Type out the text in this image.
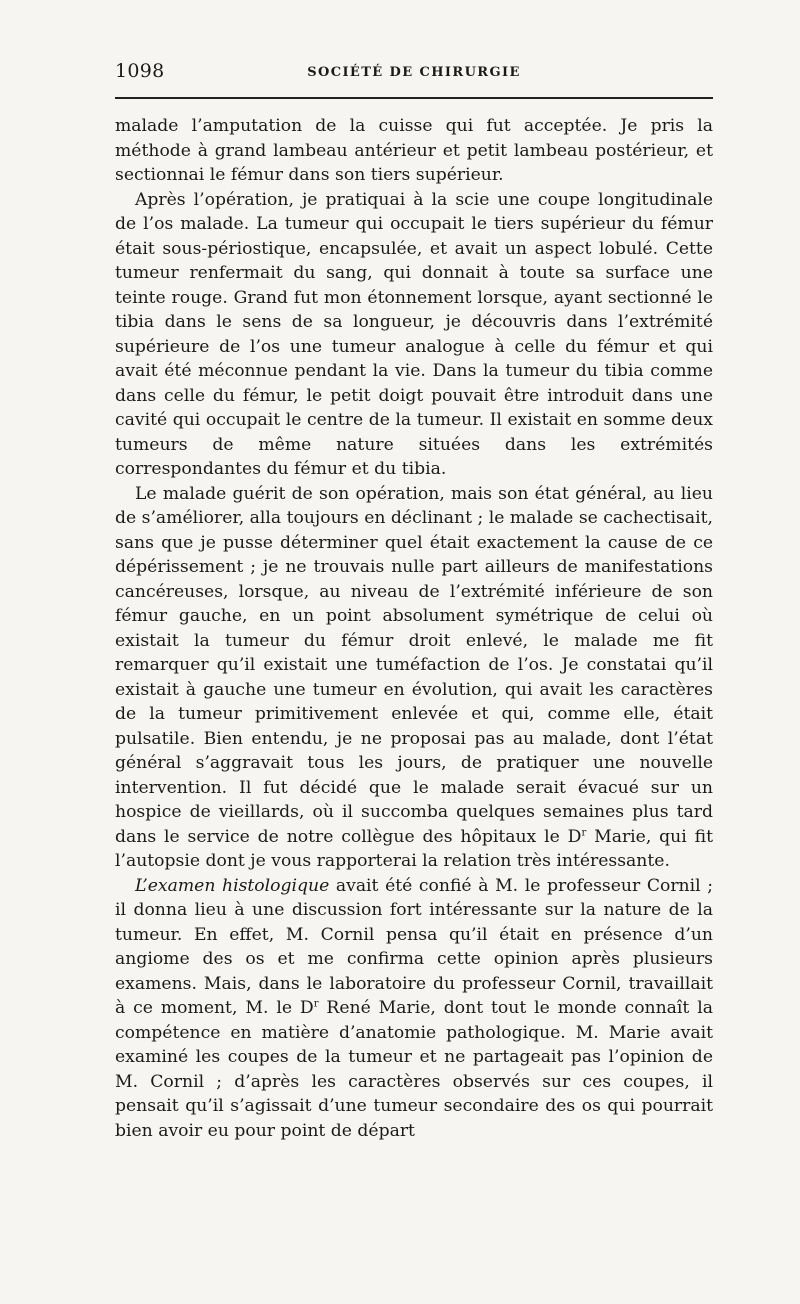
1098	SOCIÉTÉ DE CHIRURGIE

malade l’amputation de la cuisse qui fut acceptée. Je pris la méthode à grand lambeau antérieur et petit lambeau postérieur, et sectionnai le fémur dans son tiers supérieur.

Après l’opération, je pratiquai à la scie une coupe longitudinale de l’os malade. La tumeur qui occupait le tiers supérieur du fémur était sous-périostique, encapsulée, et avait un aspect lobulé. Cette tumeur renfermait du sang, qui donnait à toute sa surface une teinte rouge. Grand fut mon étonnement lorsque, ayant sectionné le tibia dans le sens de sa longueur, je découvris dans l’extrémité supérieure de l’os une tumeur analogue à celle du fémur et qui avait été méconnue pendant la vie. Dans la tumeur du tibia comme dans celle du fémur, le petit doigt pouvait être introduit dans une cavité qui occupait le centre de la tumeur. Il existait en somme deux tumeurs de même nature situées dans les extrémités correspondantes du fémur et du tibia.

Le malade guérit de son opération, mais son état général, au lieu de s’améliorer, alla toujours en déclinant ; le malade se cachectisait, sans que je pusse déterminer quel était exactement la cause de ce dépérissement ; je ne trouvais nulle part ailleurs de manifestations cancéreuses, lorsque, au niveau de l’extrémité inférieure de son fémur gauche, en un point absolument symétrique de celui où existait la tumeur du fémur droit enlevé, le malade me fit remarquer qu’il existait une tuméfaction de l’os. Je constatai qu’il existait à gauche une tumeur en évolution, qui avait les caractères de la tumeur primitivement enlevée et qui, comme elle, était pulsatile. Bien entendu, je ne proposai pas au malade, dont l’état général s’aggravait tous les jours, de pratiquer une nouvelle intervention. Il fut décidé que le malade serait évacué sur un hospice de vieillards, où il succomba quelques semaines plus tard dans le service de notre collègue des hôpitaux le $D^r$ Marie, qui fit l’autopsie dont je vous rapporterai la relation très intéressante.

L’examen histologique avait été confié à M. le professeur Cornil ; il donna lieu à une discussion fort intéressante sur la nature de la tumeur. En effet, M. Cornil pensa qu’il était en présence d’un angiome des os et me confirma cette opinion après plusieurs examens. Mais, dans le laboratoire du professeur Cornil, travaillait à ce moment, M. le $D^r$ René Marie, dont tout le monde connaît la compétence en matière d’anatomie pathologique. M. Marie avait examiné les coupes de la tumeur et ne partageait pas l’opinion de M. Cornil ; d’après les caractères observés sur ces coupes, il pensait qu’il s’agissait d’une tumeur secondaire des os qui pourrait bien avoir eu pour point de départ
